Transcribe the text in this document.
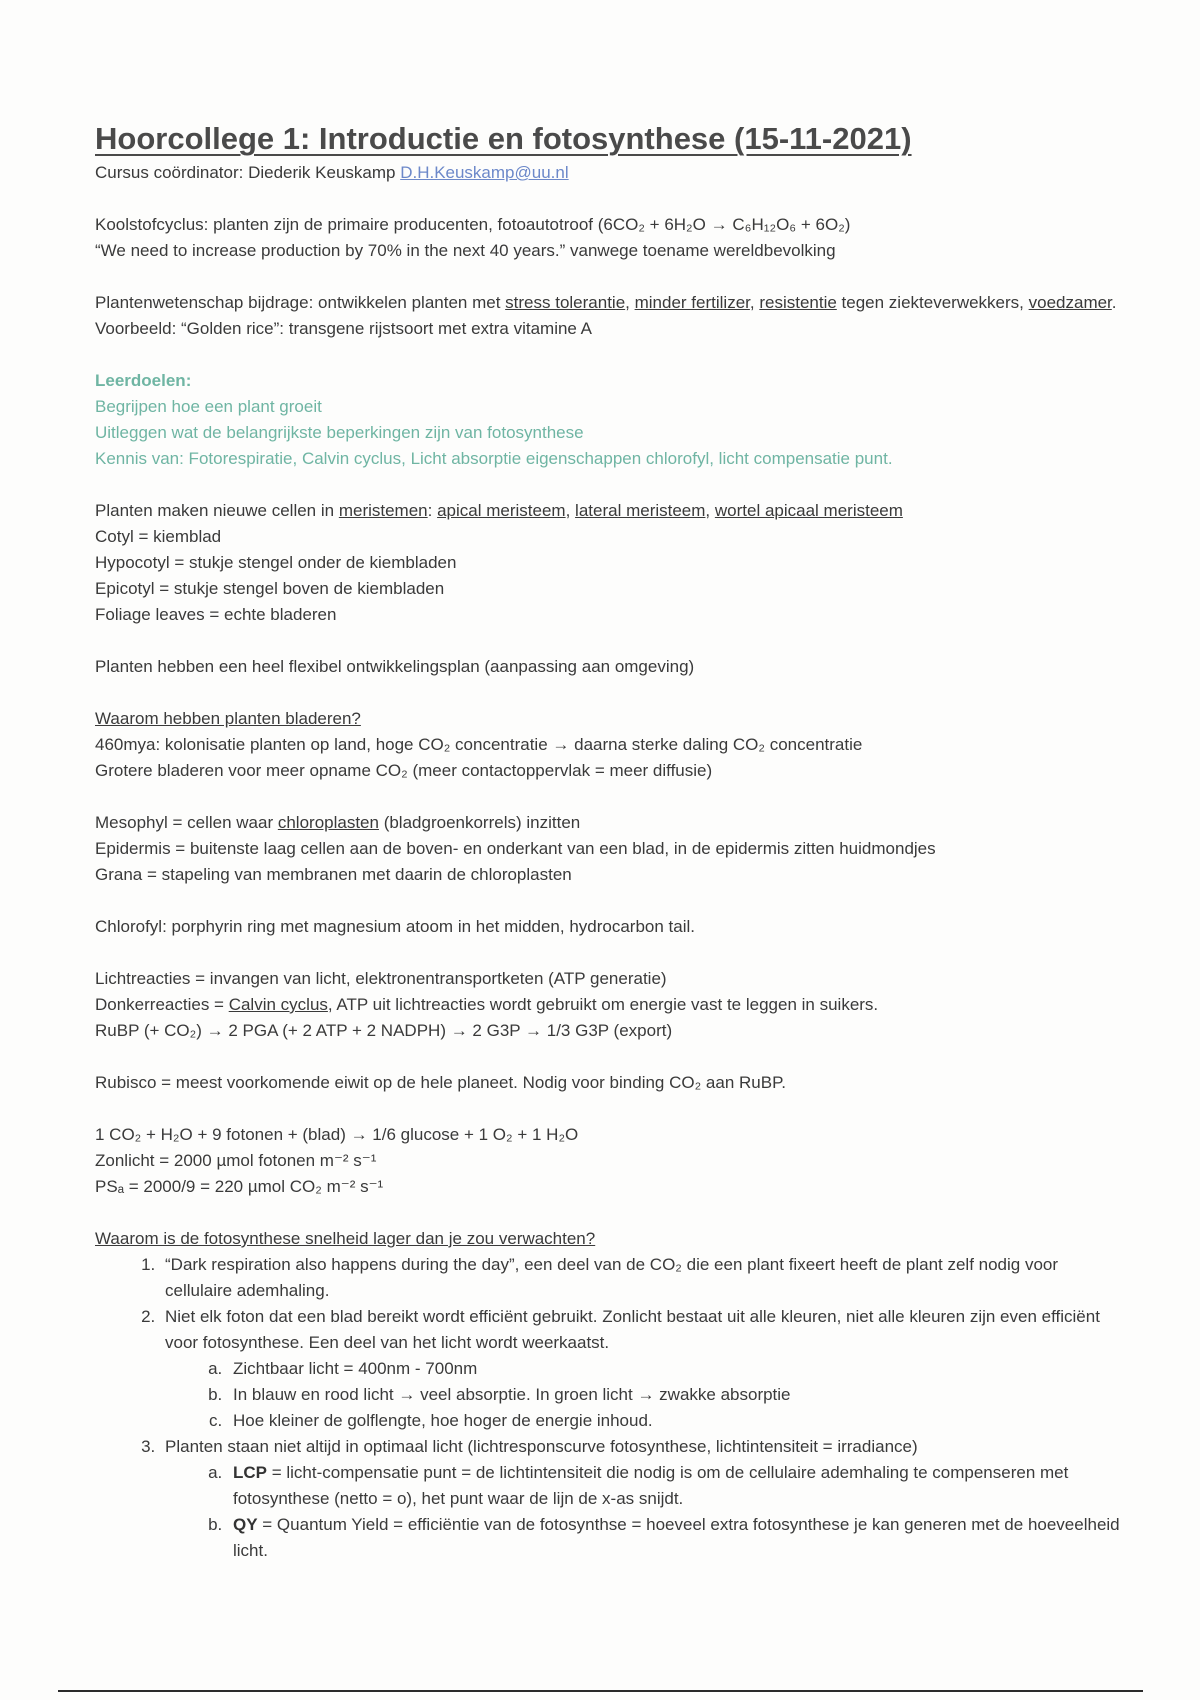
Hoorcollege 1: Introductie en fotosynthese (15-11-2021)

Cursus coördinator: Diederik Keuskamp D.H.Keuskamp@uu.nl

Koolstofcyclus: planten zijn de primaire producenten, fotoautotroof (6CO₂ + 6H₂O → C₆H₁₂O₆ + 6O₂)

“We need to increase production by 70% in the next 40 years.” vanwege toename wereldbevolking

Plantenwetenschap bijdrage: ontwikkelen planten met stress tolerantie, minder fertilizer, resistentie tegen ziekteverwekkers, voedzamer.

Voorbeeld: “Golden rice”: transgene rijstsoort met extra vitamine A

Leerdoelen:

Begrijpen hoe een plant groeit

Uitleggen wat de belangrijkste beperkingen zijn van fotosynthese

Kennis van: Fotorespiratie, Calvin cyclus, Licht absorptie eigenschappen chlorofyl, licht compensatie punt.

Planten maken nieuwe cellen in meristemen: apical meristeem, lateral meristeem, wortel apicaal meristeem

Cotyl = kiemblad

Hypocotyl = stukje stengel onder de kiembladen

Epicotyl = stukje stengel boven de kiembladen

Foliage leaves = echte bladeren

Planten hebben een heel flexibel ontwikkelingsplan (aanpassing aan omgeving)

Waarom hebben planten bladeren?

460mya: kolonisatie planten op land, hoge CO₂ concentratie → daarna sterke daling CO₂ concentratie

Grotere bladeren voor meer opname CO₂ (meer contactoppervlak = meer diffusie)

Mesophyl = cellen waar chloroplasten (bladgroenkorrels) inzitten

Epidermis = buitenste laag cellen aan de boven- en onderkant van een blad, in de epidermis zitten huidmondjes

Grana = stapeling van membranen met daarin de chloroplasten

Chlorofyl: porphyrin ring met magnesium atoom in het midden, hydrocarbon tail.

Lichtreacties = invangen van licht, elektronentransportketen (ATP generatie)

Donkerreacties = Calvin cyclus, ATP uit lichtreacties wordt gebruikt om energie vast te leggen in suikers.

RuBP (+ CO₂) → 2 PGA (+ 2 ATP + 2 NADPH) → 2 G3P → 1/3 G3P (export)

Rubisco = meest voorkomende eiwit op de hele planeet. Nodig voor binding CO₂ aan RuBP.

1 CO₂ + H₂O + 9 fotonen + (blad) → 1/6 glucose + 1 O₂ + 1 H₂O

Zonlicht = 2000 µmol fotonen m⁻² s⁻¹

PSₐ = 2000/9 = 220 µmol CO₂ m⁻² s⁻¹

Waarom is de fotosynthese snelheid lager dan je zou verwachten?

1. “Dark respiration also happens during the day”, een deel van de CO₂ die een plant fixeert heeft de plant zelf nodig voor cellulaire ademhaling.
2. Niet elk foton dat een blad bereikt wordt efficiënt gebruikt. Zonlicht bestaat uit alle kleuren, niet alle kleuren zijn even efficiënt voor fotosynthese. Een deel van het licht wordt weerkaatst.
a. Zichtbaar licht = 400nm - 700nm
b. In blauw en rood licht → veel absorptie. In groen licht → zwakke absorptie
c. Hoe kleiner de golflengte, hoe hoger de energie inhoud.
3. Planten staan niet altijd in optimaal licht (lichtresponscurve fotosynthese, lichtintensiteit = irradiance)
a. LCP = licht-compensatie punt = de lichtintensiteit die nodig is om de cellulaire ademhaling te compenseren met fotosynthese (netto = o), het punt waar de lijn de x-as snijdt.
b. QY = Quantum Yield = efficiëntie van de fotosynthse = hoeveel extra fotosynthese je kan generen met de hoeveelheid licht.
